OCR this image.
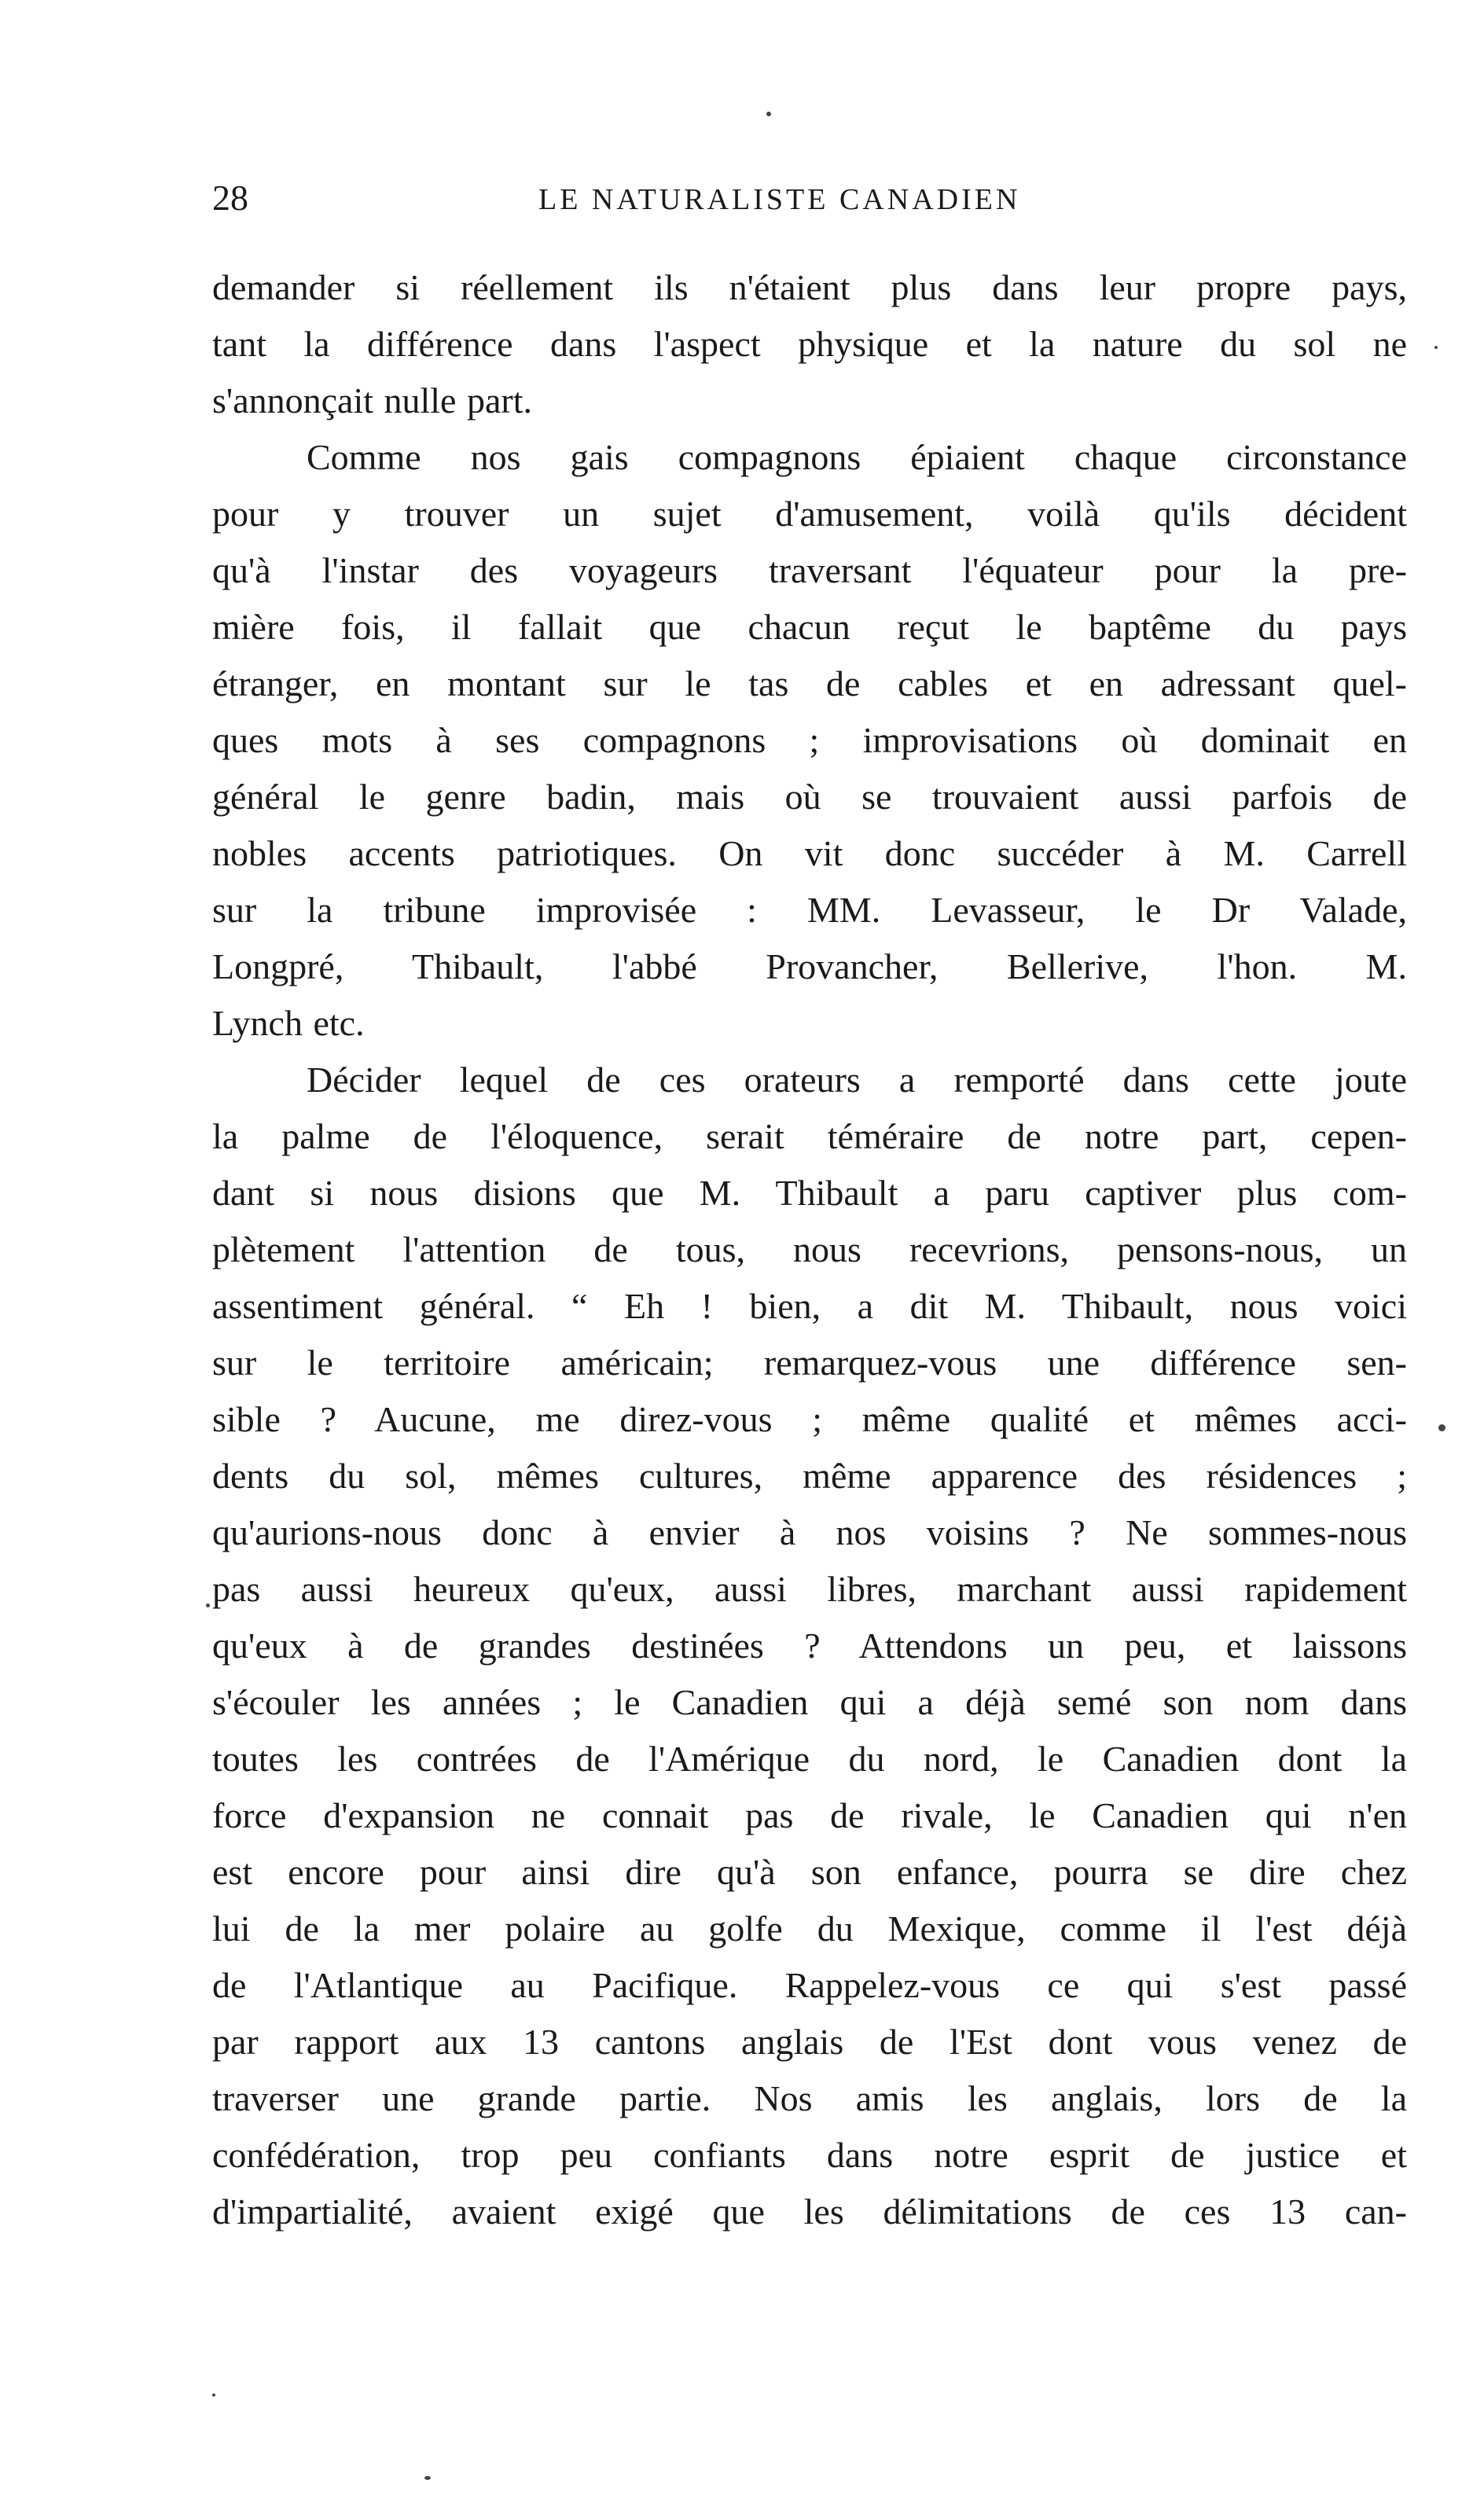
28	LE NATURALISTE CANADIEN
demander si réellement ils n'étaient plus dans leur propre pays,
tant la différence dans l'aspect physique et la nature du sol ne
s'annonçait nulle part.
Comme nos gais compagnons épiaient chaque circonstance
pour y trouver un sujet d'amusement, voilà qu'ils décident
qu'à l'instar des voyageurs traversant l'équateur pour la pre-
mière fois, il fallait que chacun reçut le baptême du pays
étranger, en montant sur le tas de cables et en adressant quel-
ques mots à ses compagnons ; improvisations où dominait en
général le genre badin, mais où se trouvaient aussi parfois de
nobles accents patriotiques. On vit donc succéder à M. Carrell
sur la tribune improvisée : MM. Levasseur, le Dr Valade,
Longpré, Thibault, l'abbé Provancher, Bellerive, l'hon. M.
Lynch etc.
Décider lequel de ces orateurs a remporté dans cette joute
la palme de l'éloquence, serait téméraire de notre part, cepen-
dant si nous disions que M. Thibault a paru captiver plus com-
plètement l'attention de tous, nous recevrions, pensons-nous, un
assentiment général. “ Eh ! bien, a dit M. Thibault, nous voici
sur le territoire américain; remarquez-vous une différence sen-
sible ? Aucune, me direz-vous ; même qualité et mêmes acci-
dents du sol, mêmes cultures, même apparence des résidences ;
qu'aurions-nous donc à envier à nos voisins ? Ne sommes-nous
pas aussi heureux qu'eux, aussi libres, marchant aussi rapidement
qu'eux à de grandes destinées ? Attendons un peu, et laissons
s'écouler les années ; le Canadien qui a déjà semé son nom dans
toutes les contrées de l'Amérique du nord, le Canadien dont la
force d'expansion ne connait pas de rivale, le Canadien qui n'en
est encore pour ainsi dire qu'à son enfance, pourra se dire chez
lui de la mer polaire au golfe du Mexique, comme il l'est déjà
de l'Atlantique au Pacifique. Rappelez-vous ce qui s'est passé
par rapport aux 13 cantons anglais de l'Est dont vous venez de
traverser une grande partie. Nos amis les anglais, lors de la
confédération, trop peu confiants dans notre esprit de justice et
d'impartialité, avaient exigé que les délimitations de ces 13 can-
